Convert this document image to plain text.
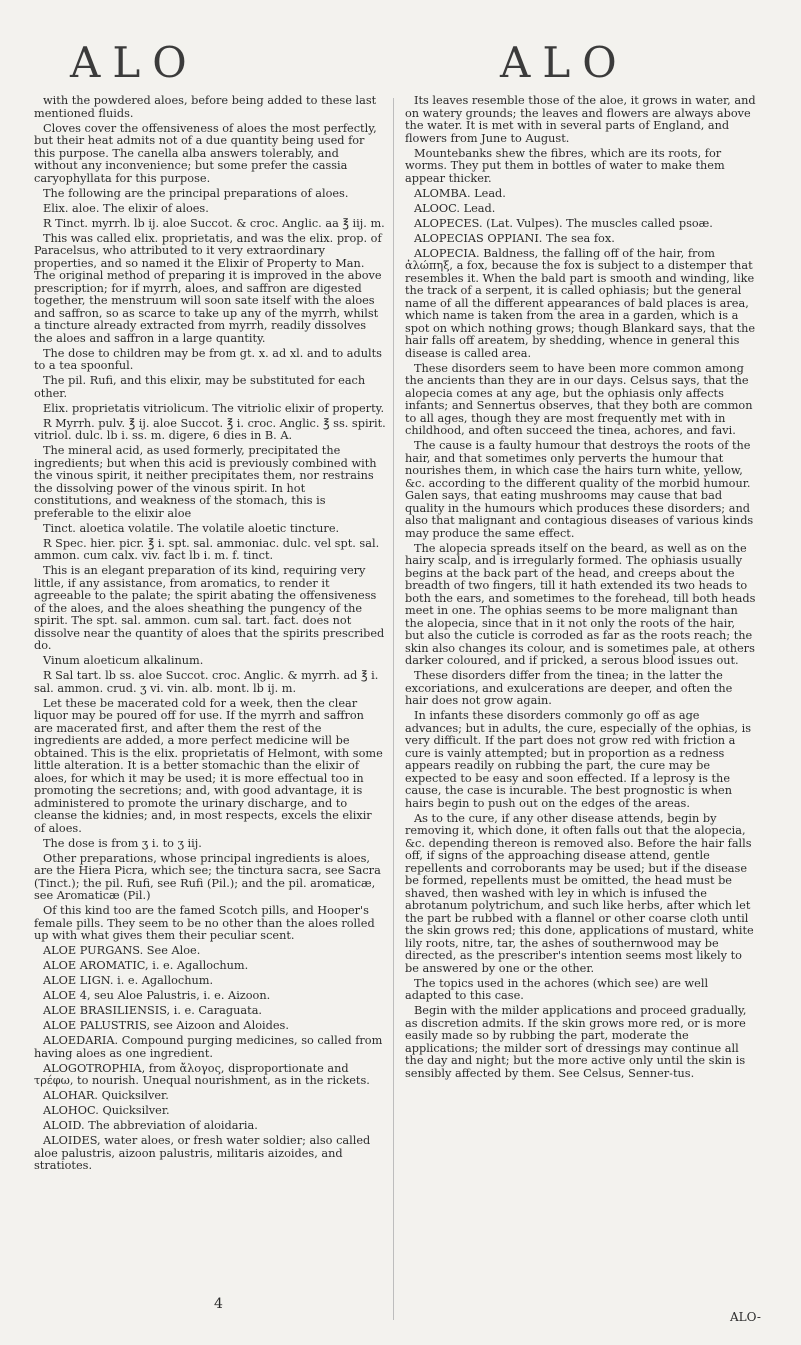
ALO	ALO

with the powdered aloes, before being added to these last mentioned fluids.

Cloves cover the offensiveness of aloes the most perfectly, but their heat admits not of a due quantity being used for this purpose. The canella alba answers tolerably, and without any inconvenience; but some prefer the cassia caryophyllata for this purpose.

The following are the principal preparations of aloes.

Elix. aloe. The elixir of aloes.

R Tinct. myrrh. lb ij. aloe Succot. & croc. Anglic. aa ℥ iij. m.

This was called elix. proprietatis, and was the elix. prop. of Paracelsus, who attributed to it very extraordinary properties, and so named it the Elixir of Property to Man. The original method of preparing it is improved in the above prescription; for if myrrh, aloes, and saffron are digested together, the menstruum will soon sate itself with the aloes and saffron, so as scarce to take up any of the myrrh, whilst a tincture already extracted from myrrh, readily dissolves the aloes and saffron in a large quantity.

The dose to children may be from gt. x. ad xl. and to adults to a tea spoonful.

The pil. Rufi, and this elixir, may be substituted for each other.

Elix. proprietatis vitriolicum. The vitriolic elixir of property.

R Myrrh. pulv. ℥ ij. aloe Succot. ℥ i. croc. Anglic. ℥ ss. spirit. vitriol. dulc. lb i. ss. m. digere, 6 dies in B. A.

The mineral acid, as used formerly, precipitated the ingredients; but when this acid is previously combined with the vinous spirit, it neither precipitates them, nor restrains the dissolving power of the vinous spirit. In hot constitutions, and weakness of the stomach, this is preferable to the elixir aloe

Tinct. aloetica volatile. The volatile aloetic tincture.

R Spec. hier. picr. ℥ i. spt. sal. ammoniac. dulc. vel spt. sal. ammon. cum calx. viv. fact lb i. m. f. tinct.

This is an elegant preparation of its kind, requiring very little, if any assistance, from aromatics, to render it agreeable to the palate; the spirit abating the offensiveness of the aloes, and the aloes sheathing the pungency of the spirit. The spt. sal. ammon. cum sal. tart. fact. does not dissolve near the quantity of aloes that the spirits prescribed do.

Vinum aloeticum alkalinum.

R Sal tart. lb ss. aloe Succot. croc. Anglic. & myrrh. ad ℥ i. sal. ammon. crud. ʒ vi. vin. alb. mont. lb ij. m.

Let these be macerated cold for a week, then the clear liquor may be poured off for use. If the myrrh and saffron are macerated first, and after them the rest of the ingredients are added, a more perfect medicine will be obtained. This is the elix. proprietatis of Helmont, with some little alteration. It is a better stomachic than the elixir of aloes, for which it may be used; it is more effectual too in promoting the secretions; and, with good advantage, it is administered to promote the urinary discharge, and to cleanse the kidnies; and, in most respects, excels the elixir of aloes.

The dose is from ʒ i. to ʒ iij.

Other preparations, whose principal ingredients is aloes, are the Hiera Picra, which see; the tinctura sacra, see Sacra (Tinct.); the pil. Rufi, see Rufi (Pil.); and the pil. aromaticæ, see Aromaticæ (Pil.)

Of this kind too are the famed Scotch pills, and Hooper's female pills. They seem to be no other than the aloes rolled up with what gives them their peculiar scent.

ALOE PURGANS. See Aloe.

ALOE AROMATIC, i. e. Agallochum.

ALOE LIGN. i. e. Agallochum.

ALOE 4, seu Aloe Palustris, i. e. Aizoon.

ALOE BRASILIENSIS, i. e. Caraguata.

ALOE PALUSTRIS, see Aizoon and Aloides.

ALOEDARIA. Compound purging medicines, so called from having aloes as one ingredient.

ALOGOTROPHIA, from ἄλογος, disproportionate and τρέφω, to nourish. Unequal nourishment, as in the rickets.

ALOHAR. Quicksilver.

ALOHOC. Quicksilver.

ALOID. The abbreviation of aloidaria.

ALOIDES, water aloes, or fresh water soldier; also called aloe palustris, aizoon palustris, militaris aizoides, and stratiotes.

Its leaves resemble those of the aloe, it grows in water, and on watery grounds; the leaves and flowers are always above the water. It is met with in several parts of England, and flowers from June to August.

Mountebanks shew the fibres, which are its roots, for worms. They put them in bottles of water to make them appear thicker.

ALOMBA. Lead.

ALOOC. Lead.

ALOPECES. (Lat. Vulpes). The muscles called psoæ.

ALOPECIAS OPPIANI. The sea fox.

ALOPECIA. Baldness, the falling off of the hair, from ἀλώπηξ, a fox, because the fox is subject to a distemper that resembles it. When the bald part is smooth and winding, like the track of a serpent, it is called ophiasis; but the general name of all the different appearances of bald places is area, which name is taken from the area in a garden, which is a spot on which nothing grows; though Blankard says, that the hair falls off areatem, by shedding, whence in general this disease is called area.

These disorders seem to have been more common among the ancients than they are in our days. Celsus says, that the alopecia comes at any age, but the ophiasis only affects infants; and Sennertus observes, that they both are common to all ages, though they are most frequently met with in childhood, and often succeed the tinea, achores, and favi.

The cause is a faulty humour that destroys the roots of the hair, and that sometimes only perverts the humour that nourishes them, in which case the hairs turn white, yellow, &c. according to the different quality of the morbid humour. Galen says, that eating mushrooms may cause that bad quality in the humours which produces these disorders; and also that malignant and contagious diseases of various kinds may produce the same effect.

The alopecia spreads itself on the beard, as well as on the hairy scalp, and is irregularly formed. The ophiasis usually begins at the back part of the head, and creeps about the breadth of two fingers, till it hath extended its two heads to both the ears, and sometimes to the forehead, till both heads meet in one. The ophias seems to be more malignant than the alopecia, since that in it not only the roots of the hair, but also the cuticle is corroded as far as the roots reach; the skin also changes its colour, and is sometimes pale, at others darker coloured, and if pricked, a serous blood issues out.

These disorders differ from the tinea; in the latter the excoriations, and exulcerations are deeper, and often the hair does not grow again.

In infants these disorders commonly go off as age advances; but in adults, the cure, especially of the ophias, is very difficult. If the part does not grow red with friction a cure is vainly attempted; but in proportion as a redness appears readily on rubbing the part, the cure may be expected to be easy and soon effected. If a leprosy is the cause, the case is incurable. The best prognostic is when hairs begin to push out on the edges of the areas.

As to the cure, if any other disease attends, begin by removing it, which done, it often falls out that the alopecia, &c. depending thereon is removed also. Before the hair falls off, if signs of the approaching disease attend, gentle repellents and corroborants may be used; but if the disease be formed, repellents must be omitted, the head must be shaved, then washed with ley in which is infused the abrotanum polytrichum, and such like herbs, after which let the part be rubbed with a flannel or other coarse cloth until the skin grows red; this done, applications of mustard, white lily roots, nitre, tar, the ashes of southernwood may be directed, as the prescriber's intention seems most likely to be answered by one or the other.

The topics used in the achores (which see) are well adapted to this case.

Begin with the milder applications and proceed gradually, as discretion admits. If the skin grows more red, or is more easily made so by rubbing the part, moderate the applications; the milder sort of dressings may continue all the day and night; but the more active only until the skin is sensibly affected by them. See Celsus, Senner-tus.

4
ALO-
